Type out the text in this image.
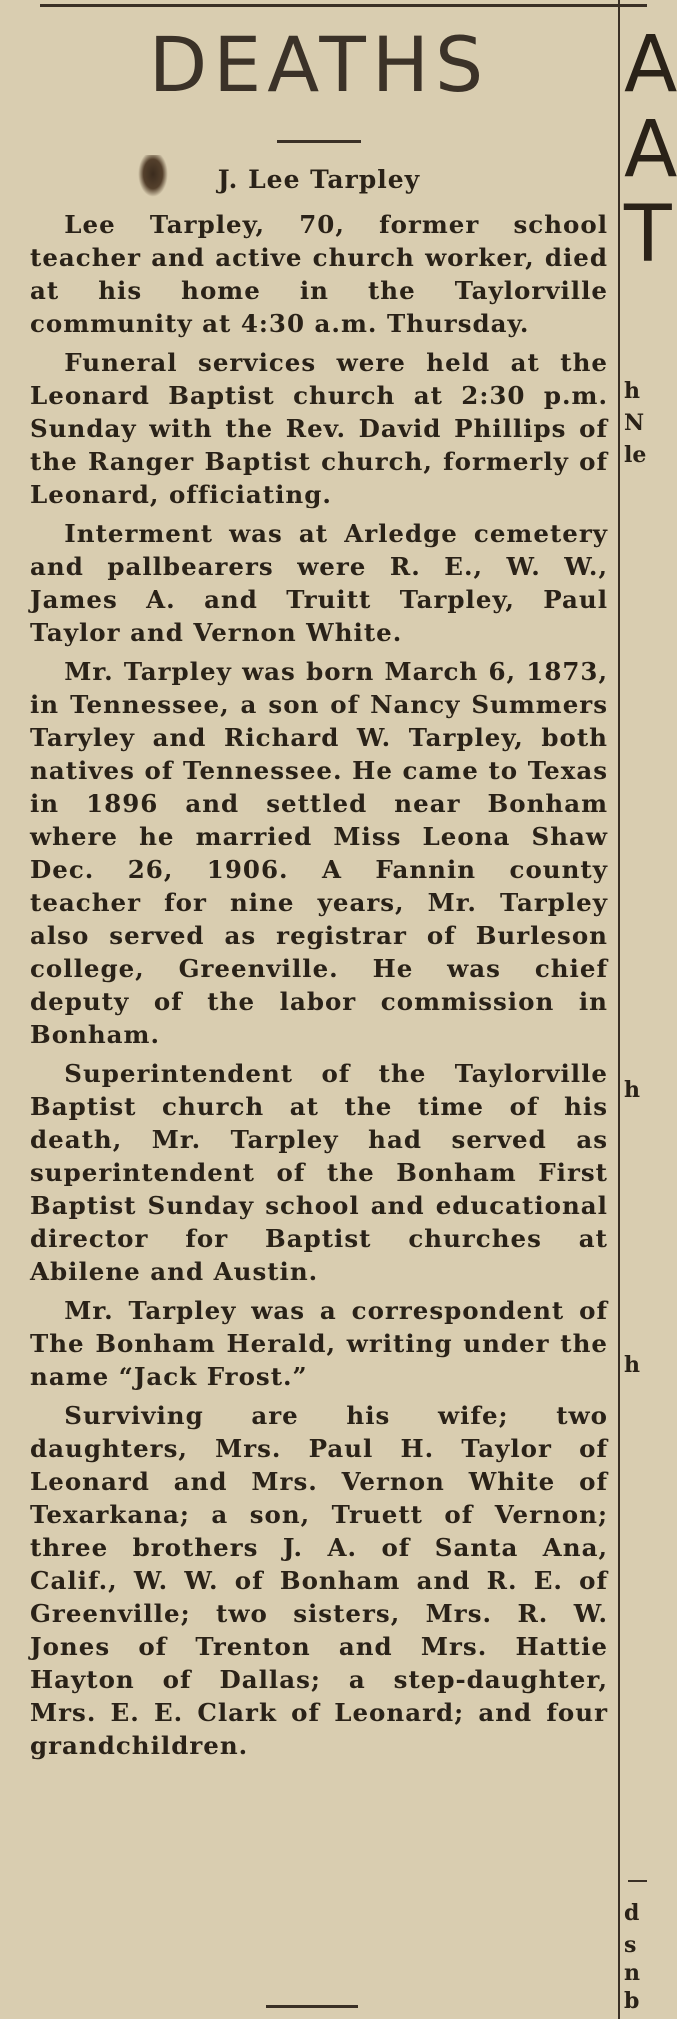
DEATHS
J. Lee Tarpley

Lee Tarpley, 70, former school teacher and active church worker, died at his home in the Taylorville community at 4:30 a.m. Thursday.

Funeral services were held at the Leonard Baptist church at 2:30 p.m. Sunday with the Rev. David Phillips of the Ranger Baptist church, formerly of Leonard, officiating.

Interment was at Arledge cemetery and pallbearers were R. E., W. W., James A. and Truitt Tarpley, Paul Taylor and Vernon White.

Mr. Tarpley was born March 6, 1873, in Tennessee, a son of Nancy Summers Taryley and Richard W. Tarpley, both natives of Tennessee. He came to Texas in 1896 and settled near Bonham where he married Miss Leona Shaw Dec. 26, 1906. A Fannin county teacher for nine years, Mr. Tarpley also served as registrar of Burleson college, Greenville. He was chief deputy of the labor commission in Bonham.

Superintendent of the Taylorville Baptist church at the time of his death, Mr. Tarpley had served as superintendent of the Bonham First Baptist Sunday school and educational director for Baptist churches at Abilene and Austin.

Mr. Tarpley was a correspondent of The Bonham Herald, writing under the name “Jack Frost.”

Surviving are his wife; two daughters, Mrs. Paul H. Taylor of Leonard and Mrs. Vernon White of Texarkana; a son, Truett of Vernon; three brothers J. A. of Santa Ana, Calif., W. W. of Bonham and R. E. of Greenville; two sisters, Mrs. R. W. Jones of Trenton and Mrs. Hattie Hayton of Dallas; a step-daughter, Mrs. E. E. Clark of Leonard; and four grandchildren.

A
A
T
h
N
le
h
h
d
s
n
b
